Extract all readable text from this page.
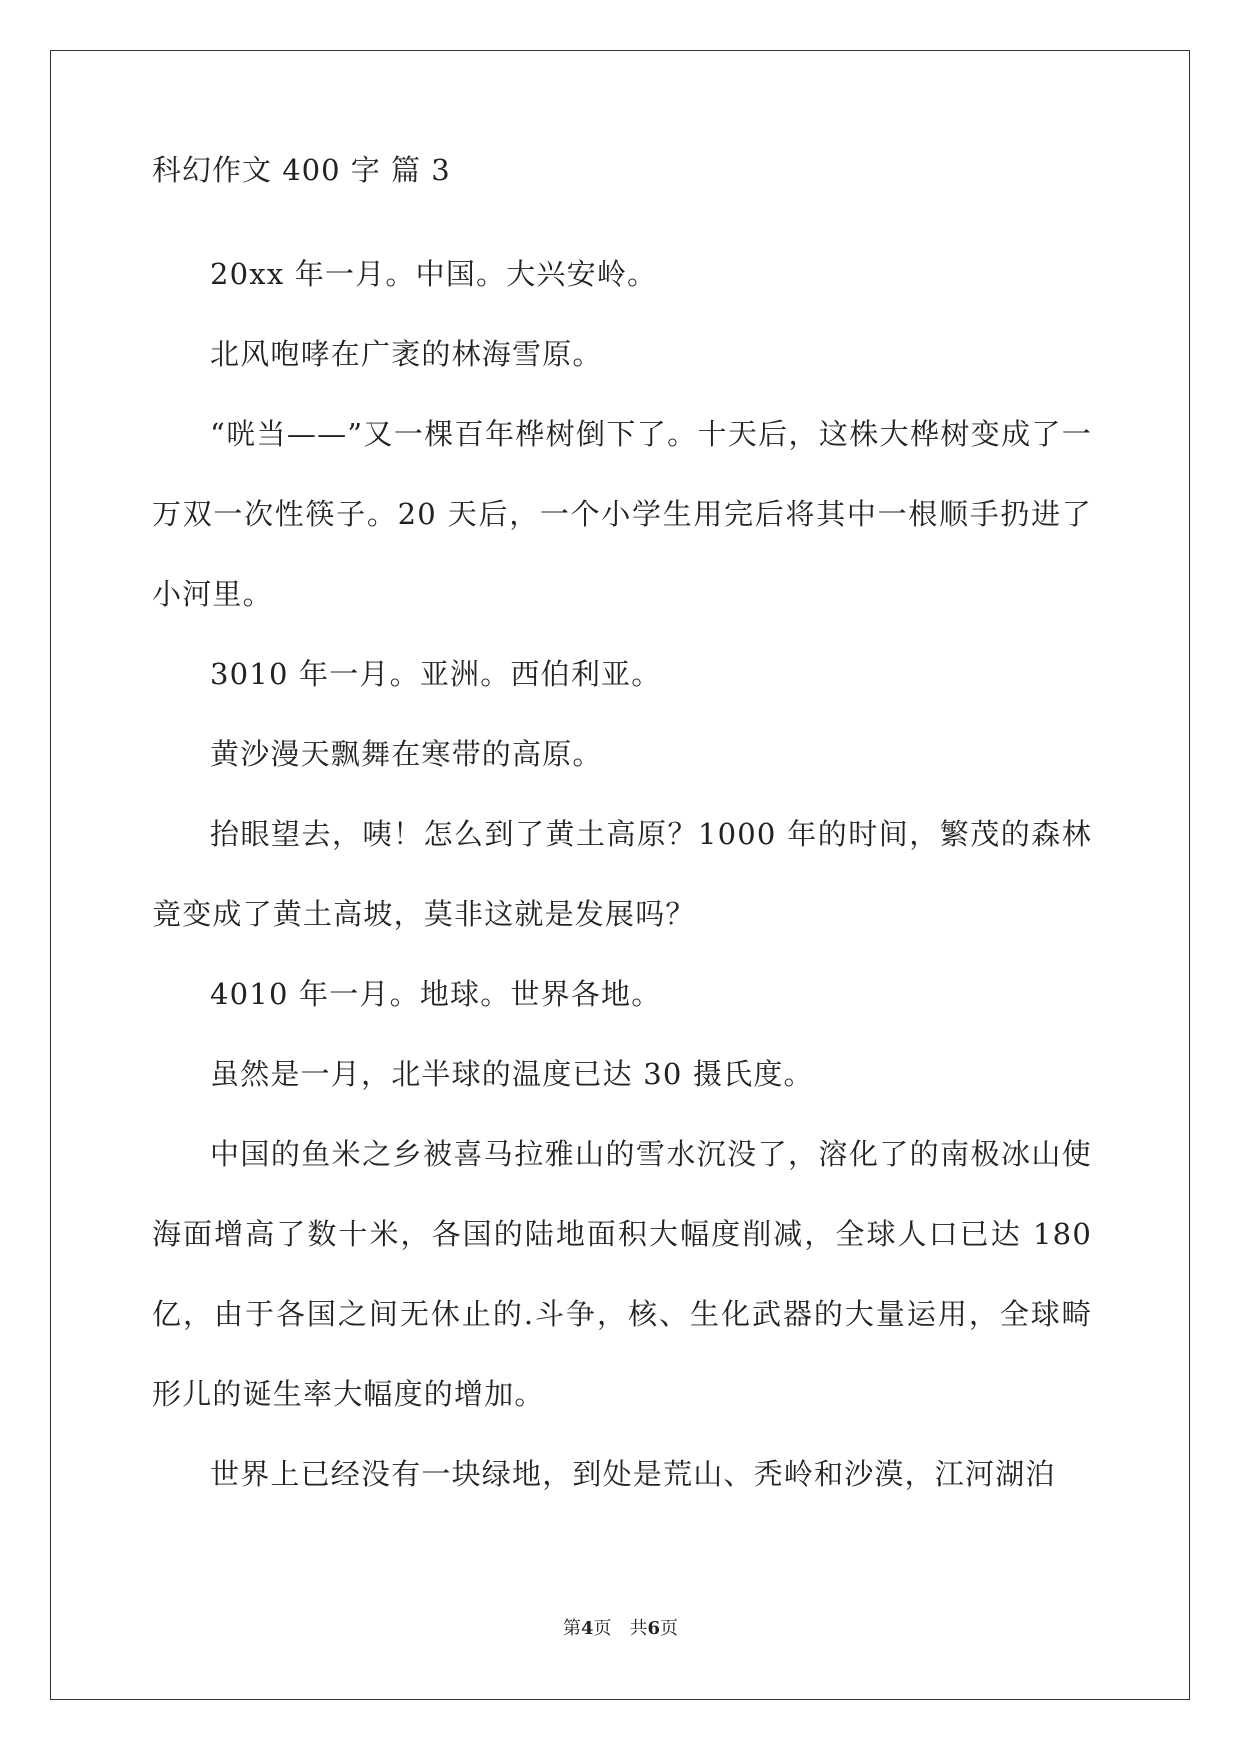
科幻作文 400 字 篇 3

20xx 年一月。中国。大兴安岭。

北风咆哮在广袤的林海雪原。

“咣当——”又一棵百年桦树倒下了。十天后，这株大桦树变成了一万双一次性筷子。20 天后，一个小学生用完后将其中一根顺手扔进了小河里。

3010 年一月。亚洲。西伯利亚。

黄沙漫天飘舞在寒带的高原。

抬眼望去，咦！怎么到了黄土高原？1000 年的时间，繁茂的森林竟变成了黄土高坡，莫非这就是发展吗？

4010 年一月。地球。世界各地。

虽然是一月，北半球的温度已达 30 摄氏度。

中国的鱼米之乡被喜马拉雅山的雪水沉没了，溶化了的南极冰山使海面增高了数十米，各国的陆地面积大幅度削减，全球人口已达 180 亿，由于各国之间无休止的.斗争，核、生化武器的大量运用，全球畸形儿的诞生率大幅度的增加。

世界上已经没有一块绿地，到处是荒山、秃岭和沙漠，江河湖泊

第4页　共6页
